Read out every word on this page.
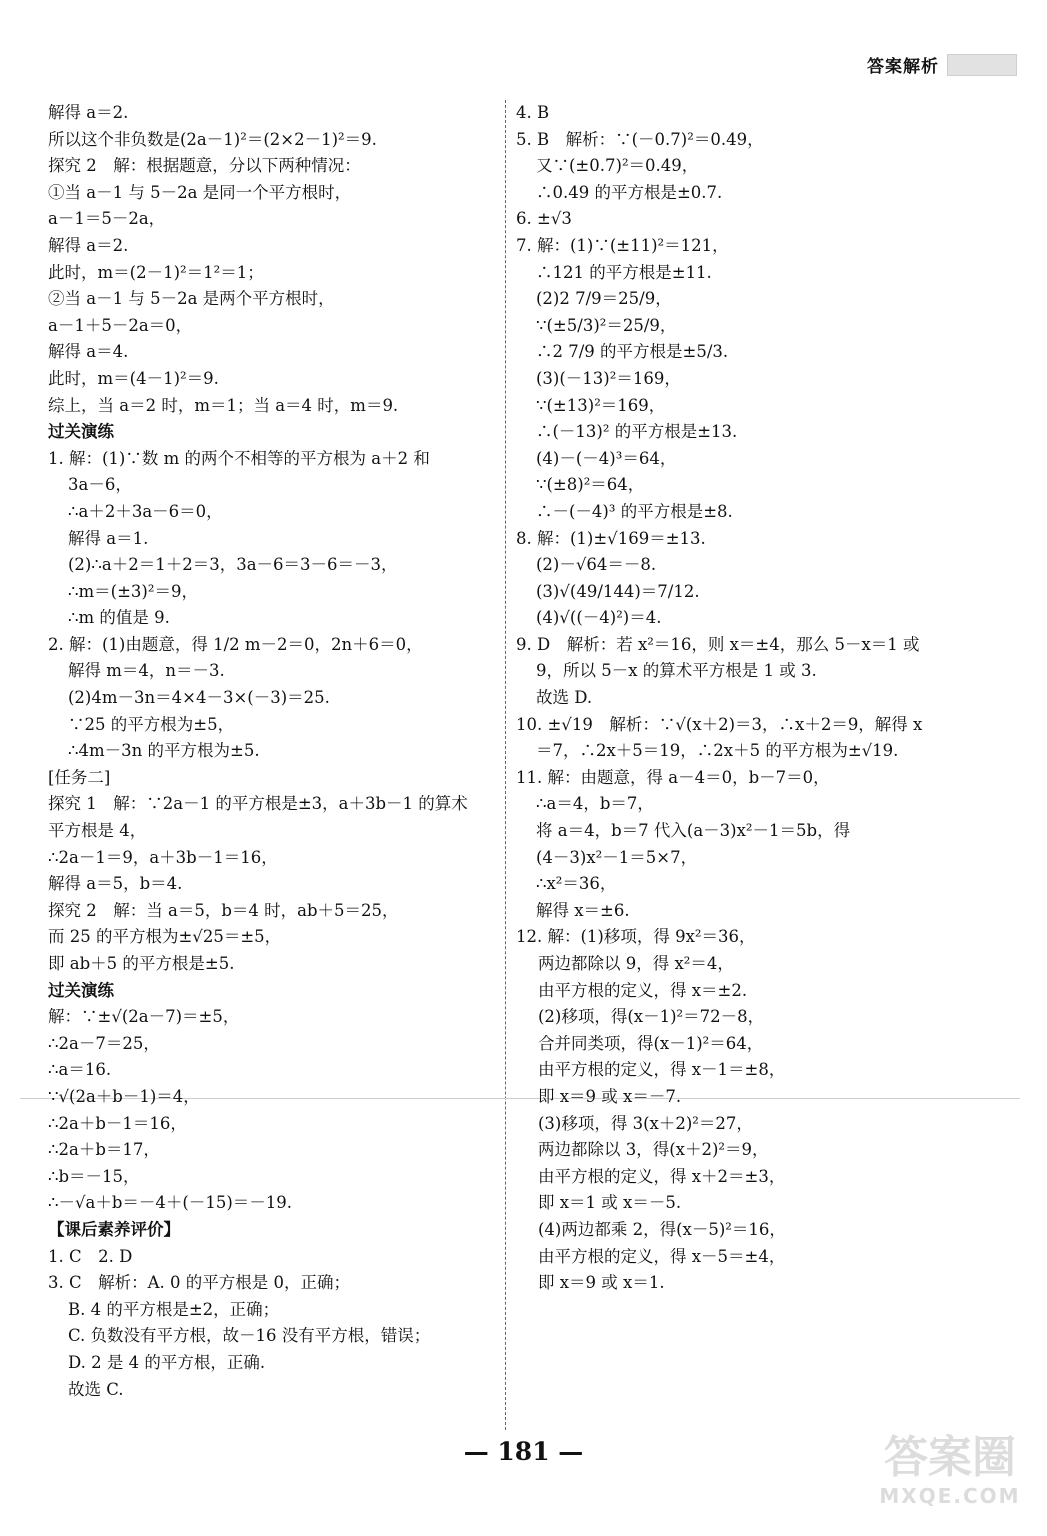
答案解析
解得 a＝2.
所以这个非负数是(2a－1)²＝(2×2－1)²＝9.
探究 2　解：根据题意，分以下两种情况：
①当 a－1 与 5－2a 是同一个平方根时，
a－1＝5－2a，
解得 a＝2.
此时，m＝(2－1)²＝1²＝1；
②当 a－1 与 5－2a 是两个平方根时，
a－1＋5－2a＝0，
解得 a＝4.
此时，m＝(4－1)²＝9.
综上，当 a＝2 时，m＝1；当 a＝4 时，m＝9.
过关演练
1. 解：(1)∵数 m 的两个不相等的平方根为 a＋2 和
3a－6，
∴a＋2＋3a－6＝0，
解得 a＝1.
(2)∴a＋2＝1＋2＝3，3a－6＝3－6＝－3，
∴m＝(±3)²＝9，
∴m 的值是 9.
2. 解：(1)由题意，得 1/2 m－2＝0，2n＋6＝0，
解得 m＝4，n＝－3.
(2)4m－3n＝4×4－3×(－3)＝25.
∵25 的平方根为±5，
∴4m－3n 的平方根为±5.
[任务二]
探究 1　解：∵2a－1 的平方根是±3，a＋3b－1 的算术
平方根是 4，
∴2a－1＝9，a＋3b－1＝16，
解得 a＝5，b＝4.
探究 2　解：当 a＝5，b＝4 时，ab＋5＝25，
而 25 的平方根为±√25＝±5，
即 ab＋5 的平方根是±5.
过关演练
解：∵±√(2a－7)＝±5，
∴2a－7＝25，
∴a＝16.
∵√(2a＋b－1)＝4，
∴2a＋b－1＝16，
∴2a＋b＝17，
∴b＝－15，
∴－√a＋b＝－4＋(－15)＝－19.
【课后素养评价】
1. C　2. D
3. C　解析：A. 0 的平方根是 0，正确；
B. 4 的平方根是±2，正确；
C. 负数没有平方根，故－16 没有平方根，错误；
D. 2 是 4 的平方根，正确.
故选 C.
4. B
5. B　解析：∵(－0.7)²＝0.49，
又∵(±0.7)²＝0.49，
∴0.49 的平方根是±0.7.
6. ±√3
7. 解：(1)∵(±11)²＝121，
∴121 的平方根是±11.
(2)2 7/9＝25/9，
∵(±5/3)²＝25/9，
∴2 7/9 的平方根是±5/3.
(3)(－13)²＝169，
∵(±13)²＝169，
∴(－13)² 的平方根是±13.
(4)－(－4)³＝64，
∵(±8)²＝64，
∴－(－4)³ 的平方根是±8.
8. 解：(1)±√169＝±13.
(2)－√64＝－8.
(3)√(49/144)＝7/12.
(4)√((－4)²)＝4.
9. D　解析：若 x²＝16，则 x＝±4，那么 5－x＝1 或
9，所以 5－x 的算术平方根是 1 或 3.
故选 D.
10. ±√19　解析：∵√(x＋2)＝3，∴x＋2＝9，解得 x
＝7，∴2x＋5＝19，∴2x＋5 的平方根为±√19.
11. 解：由题意，得 a－4＝0，b－7＝0，
∴a＝4，b＝7，
将 a＝4，b＝7 代入(a－3)x²－1＝5b，得
(4－3)x²－1＝5×7，
∴x²＝36，
解得 x＝±6.
12. 解：(1)移项，得 9x²＝36，
两边都除以 9，得 x²＝4，
由平方根的定义，得 x＝±2.
(2)移项，得(x－1)²＝72－8，
合并同类项，得(x－1)²＝64，
由平方根的定义，得 x－1＝±8，
即 x＝9 或 x＝－7.
(3)移项，得 3(x＋2)²＝27，
两边都除以 3，得(x＋2)²＝9，
由平方根的定义，得 x＋2＝±3，
即 x＝1 或 x＝－5.
(4)两边都乘 2，得(x－5)²＝16，
由平方根的定义，得 x－5＝±4，
即 x＝9 或 x＝1.
— 181 —	答案圈
MXQE.COM
